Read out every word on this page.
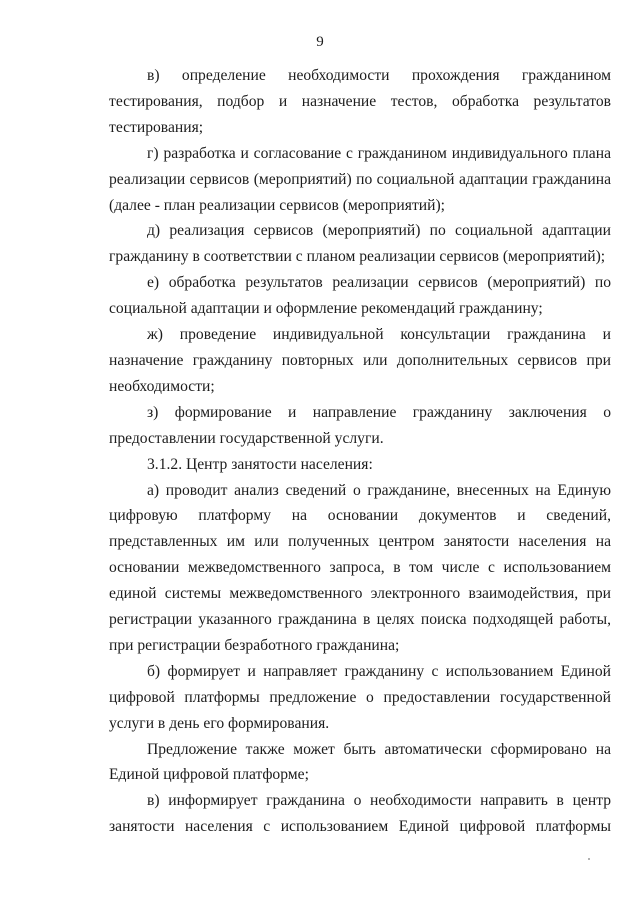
9

в) определение необходимости прохождения гражданином тестирования, подбор и назначение тестов, обработка результатов тестирования;

г) разработка и согласование с гражданином индивидуального плана реализации сервисов (мероприятий) по социальной адаптации гражданина (далее - план реализации сервисов (мероприятий);

д) реализация сервисов (мероприятий) по социальной адаптации гражданину в соответствии с планом реализации сервисов (мероприятий);

е) обработка результатов реализации сервисов (мероприятий) по социальной адаптации и оформление рекомендаций гражданину;

ж) проведение индивидуальной консультации гражданина и назначение гражданину повторных или дополнительных сервисов при необходимости;

з) формирование и направление гражданину заключения о предоставлении государственной услуги.

3.1.2. Центр занятости населения:

а) проводит анализ сведений о гражданине, внесенных на Единую цифровую платформу на основании документов и сведений, представленных им или полученных центром занятости населения на основании межведомственного запроса, в том числе с использованием единой системы межведомственного электронного взаимодействия, при регистрации указанного гражданина в целях поиска подходящей работы, при регистрации безработного гражданина;

б) формирует и направляет гражданину с использованием Единой цифровой платформы предложение о предоставлении государственной услуги в день его формирования.

Предложение также может быть автоматически сформировано на Единой цифровой платформе;

в) информирует гражданина о необходимости направить в центр занятости населения с использованием Единой цифровой платформы
